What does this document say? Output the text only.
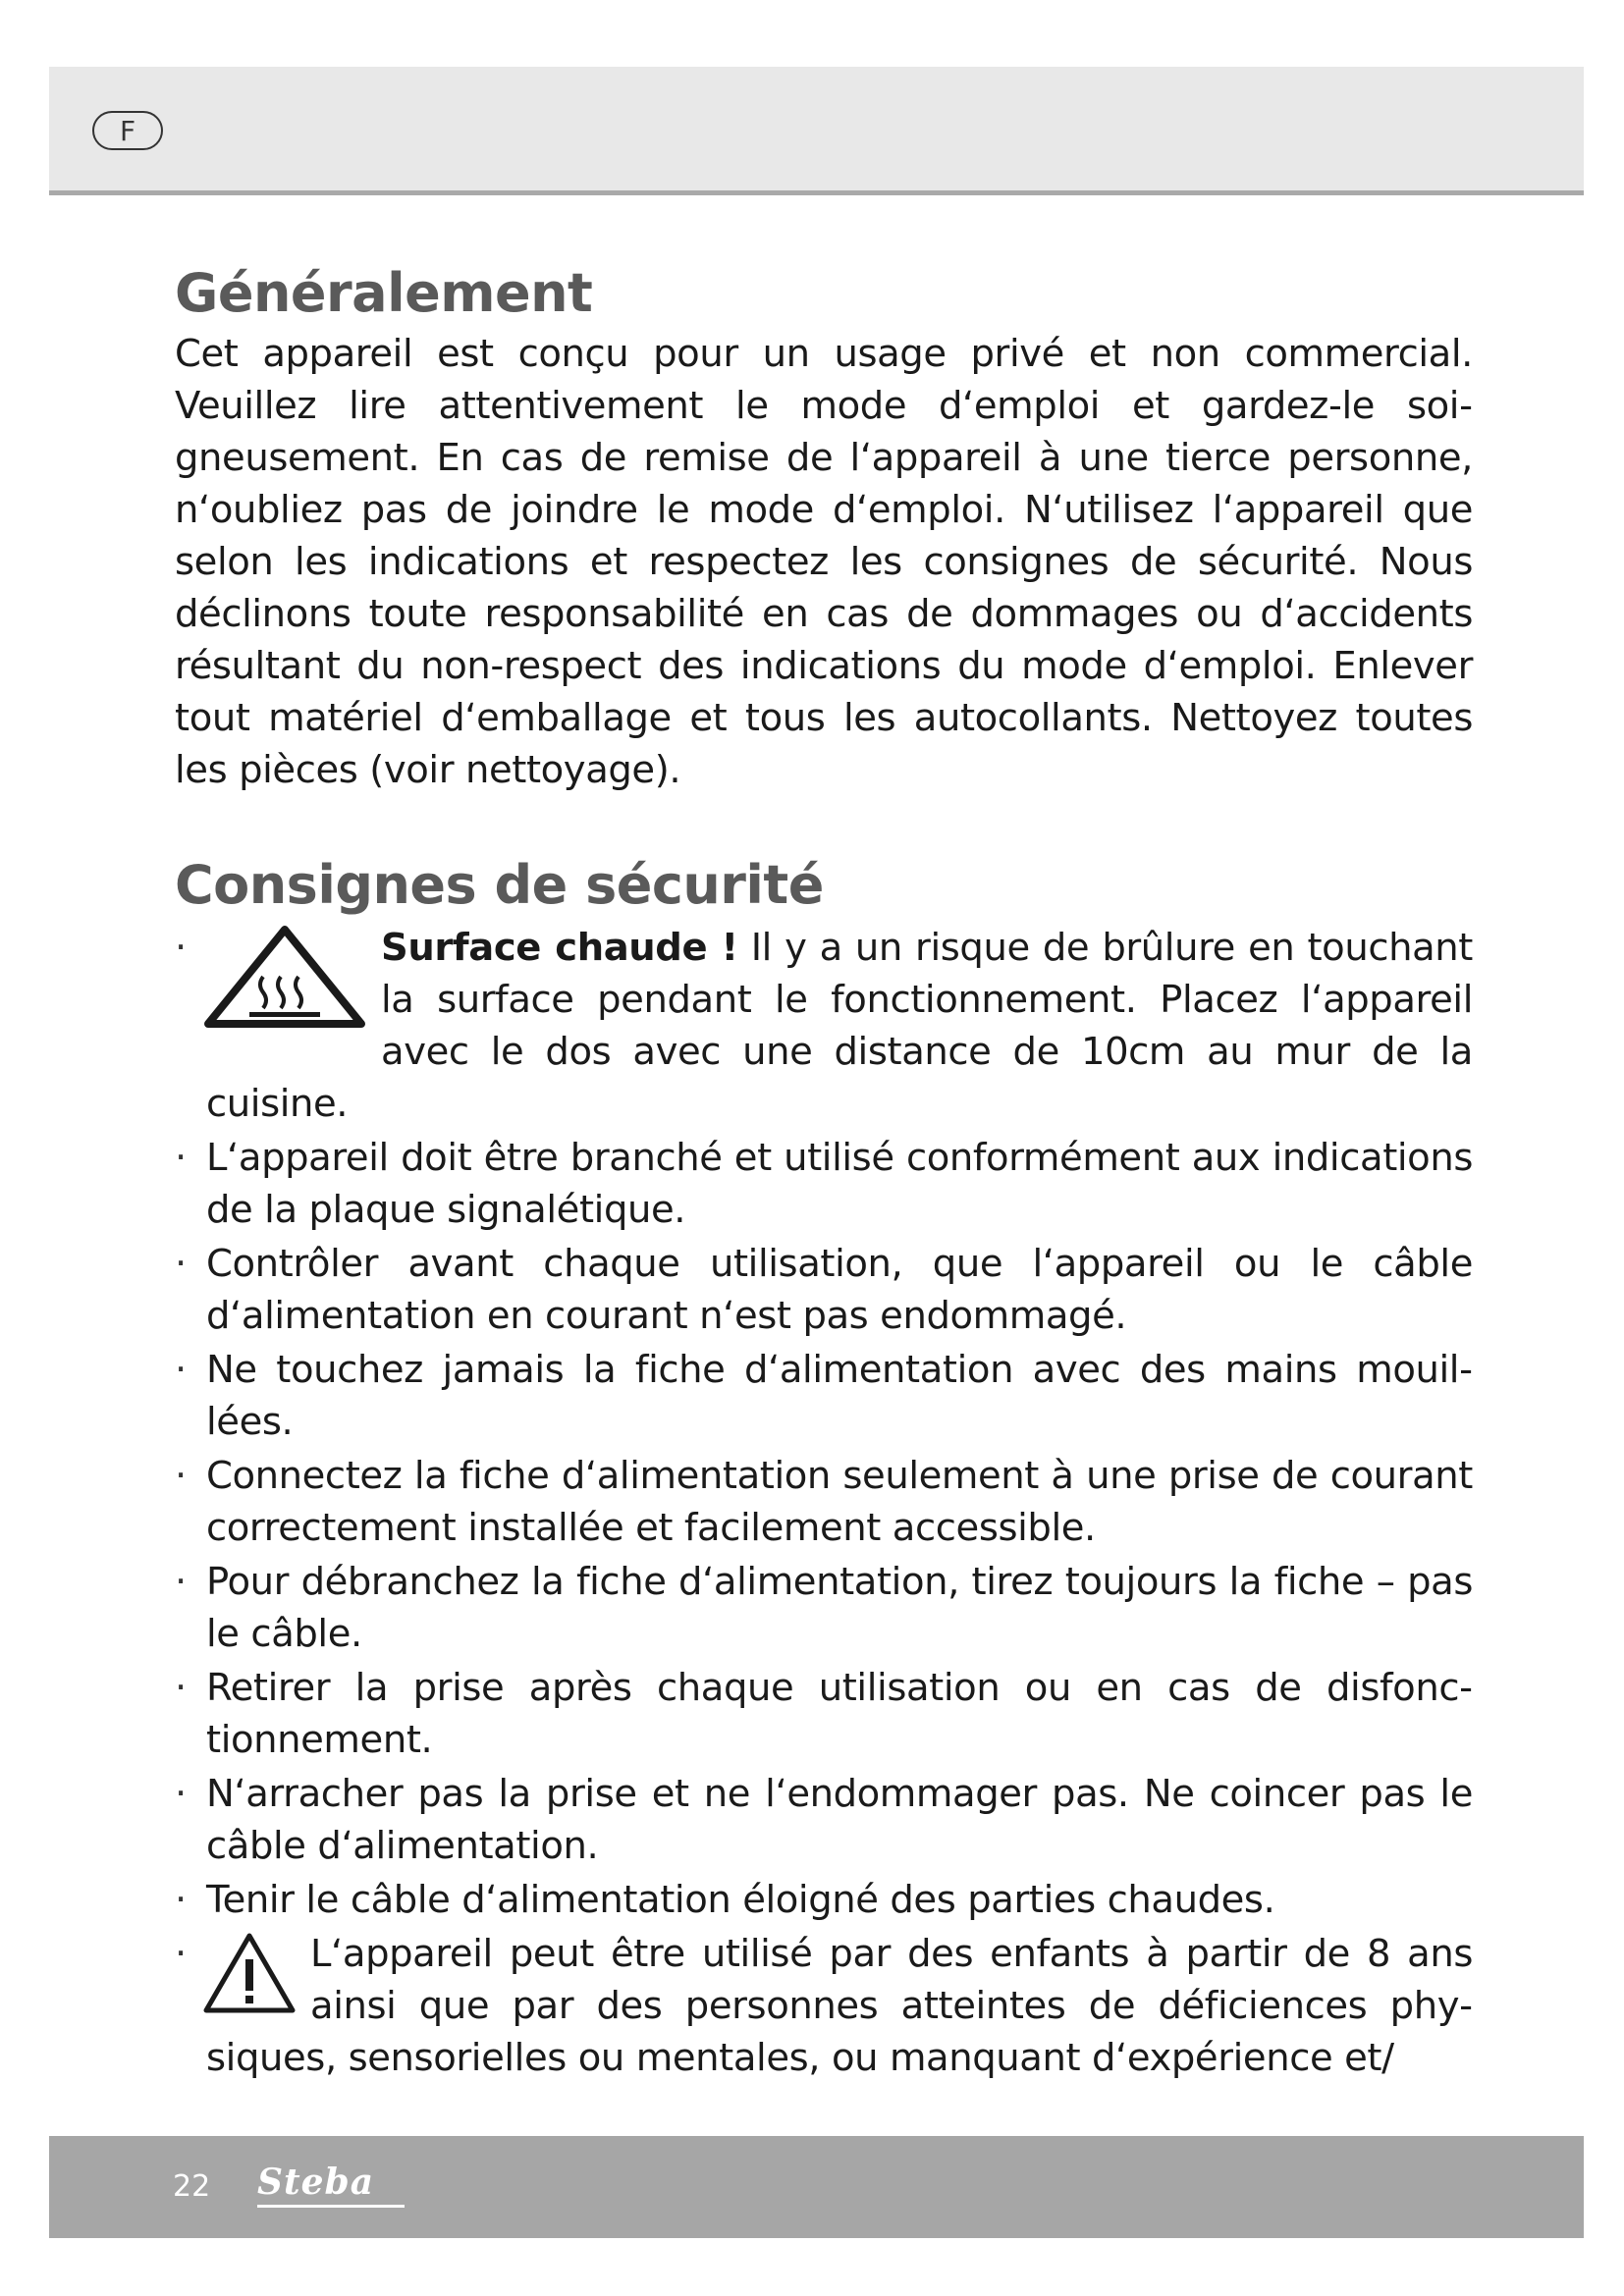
F
Généralement

Cet appareil est conçu pour un usage privé et non commercial. Veuillez lire attentivement le mode d‘emploi et gardez-le soigneusement. En cas de remise de l‘appareil à une tierce personne, n‘oubliez pas de joindre le mode d‘emploi. N‘utilisez l‘appareil que selon les indications et respectez les consignes de sécurité. Nous déclinons toute responsabilité en cas de dommages ou d‘accidents résultant du non-respect des indications du mode d‘emploi. Enlever tout matériel d‘emballage et tous les autocollants. Nettoyez toutes les pièces (voir nettoyage).

Consignes de sécurité
·	Surface chaude ! Il y a un risque de brûlure en touchant la surface pendant le fonctionnement. Placez l‘appareil avec le dos avec une distance de 10cm au mur de la cuisine.
· L‘appareil doit être branché et utilisé conformément aux indications de la plaque signalétique.
· Contrôler avant chaque utilisation, que l‘appareil ou le câble d‘alimentation en courant n‘est pas endommagé.
· Ne touchez jamais la fiche d‘alimentation avec des mains mouillées.
· Connectez la fiche d‘alimentation seulement à une prise de courant correctement installée et facilement accessible.
· Pour débranchez la fiche d‘alimentation, tirez toujours la fiche – pas le câble.
· Retirer la prise après chaque utilisation ou en cas de disfonctionnement.
· N‘arracher pas la prise et ne l‘endommager pas. Ne coincer pas le câble d‘alimentation.
· Tenir le câble d‘alimentation éloigné des parties chaudes.
·	L‘appareil peut être utilisé par des enfants à partir de 8 ans ainsi que par des personnes atteintes de déficiences physiques, sensorielles ou mentales, ou manquant d‘expérience et/
22 Steba
